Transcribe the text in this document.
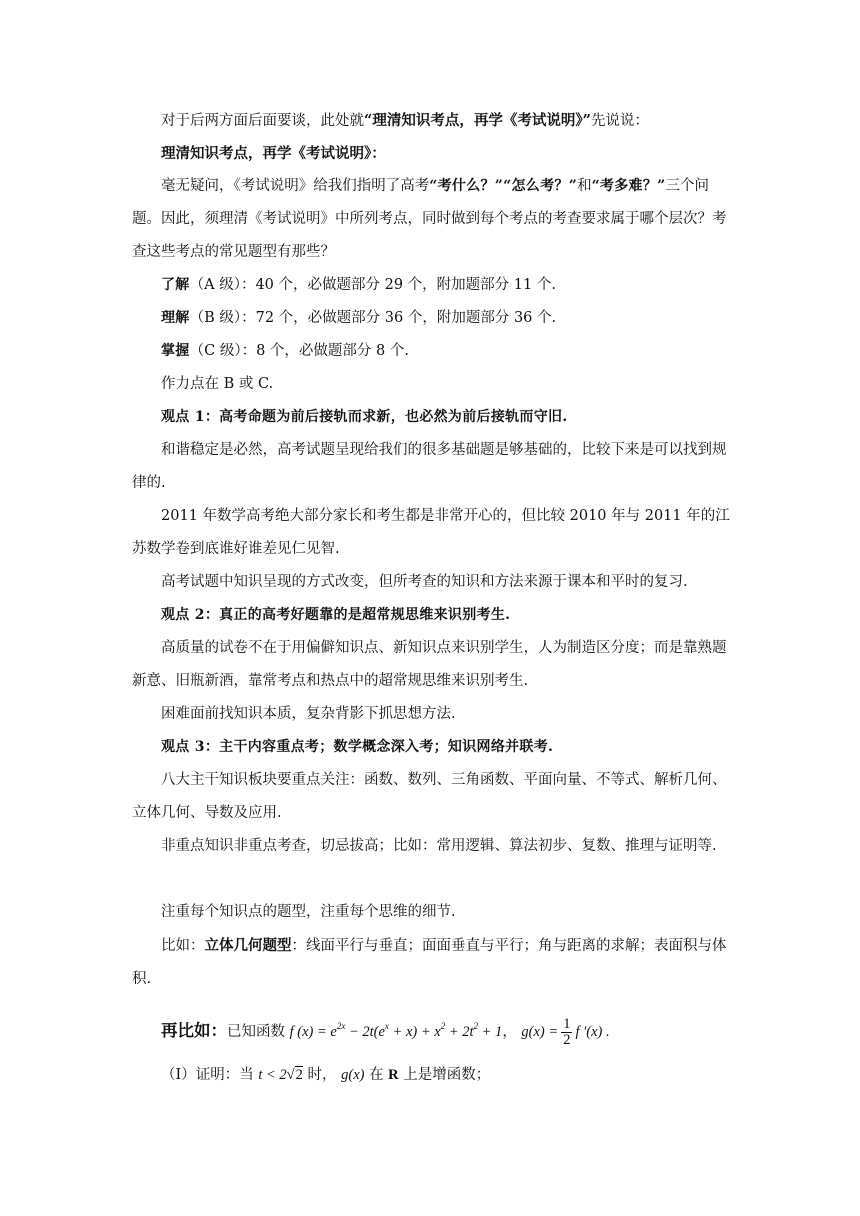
对于后两方面后面要谈，此处就“理清知识考点，再学《考试说明》”先说说：
理清知识考点，再学《考试说明》：
毫无疑问，《考试说明》给我们指明了高考“考什么？”“怎么考？”和“考多难？”三个问题。因此，须理清《考试说明》中所列考点，同时做到每个考点的考查要求属于哪个层次？考查这些考点的常见题型有那些？
了解（A 级）：40 个，必做题部分 29 个，附加题部分 11 个.
理解（B 级）：72 个，必做题部分 36 个，附加题部分 36 个.
掌握（C 级）：8 个，必做题部分 8 个.
作力点在 B 或 C.
观点 1：高考命题为前后接轨而求新，也必然为前后接轨而守旧.
和谐稳定是必然，高考试题呈现给我们的很多基础题是够基础的，比较下来是可以找到规律的.
2011 年数学高考绝大部分家长和考生都是非常开心的，但比较 2010 年与 2011 年的江苏数学卷到底谁好谁差见仁见智.
高考试题中知识呈现的方式改变，但所考查的知识和方法来源于课本和平时的复习.
观点 2：真正的高考好题靠的是超常规思维来识别考生.
高质量的试卷不在于用偏僻知识点、新知识点来识别学生，人为制造区分度；而是靠熟题新意、旧瓶新酒，靠常考点和热点中的超常规思维来识别考生.
困难面前找知识本质，复杂背影下抓思想方法.
观点 3：主干内容重点考；数学概念深入考；知识网络并联考.
八大主干知识板块要重点关注：函数、数列、三角函数、平面向量、不等式、解析几何、立体几何、导数及应用.
非重点知识非重点考查，切忌拔高；比如：常用逻辑、算法初步、复数、推理与证明等.
注重每个知识点的题型，注重每个思维的细节.
比如：立体几何题型：线面平行与垂直；面面垂直与平行；角与距离的求解；表面积与体积.
再比如：已知函数 f $(x) = e^{2x} - 2t(e^x + x) + x^2 + 2t^2 + 1$， $g(x) = \frac{1}{2}$ f ′(x) .
（I）证明：当 t < 2√2 时， g(x) 在 R 上是增函数；
